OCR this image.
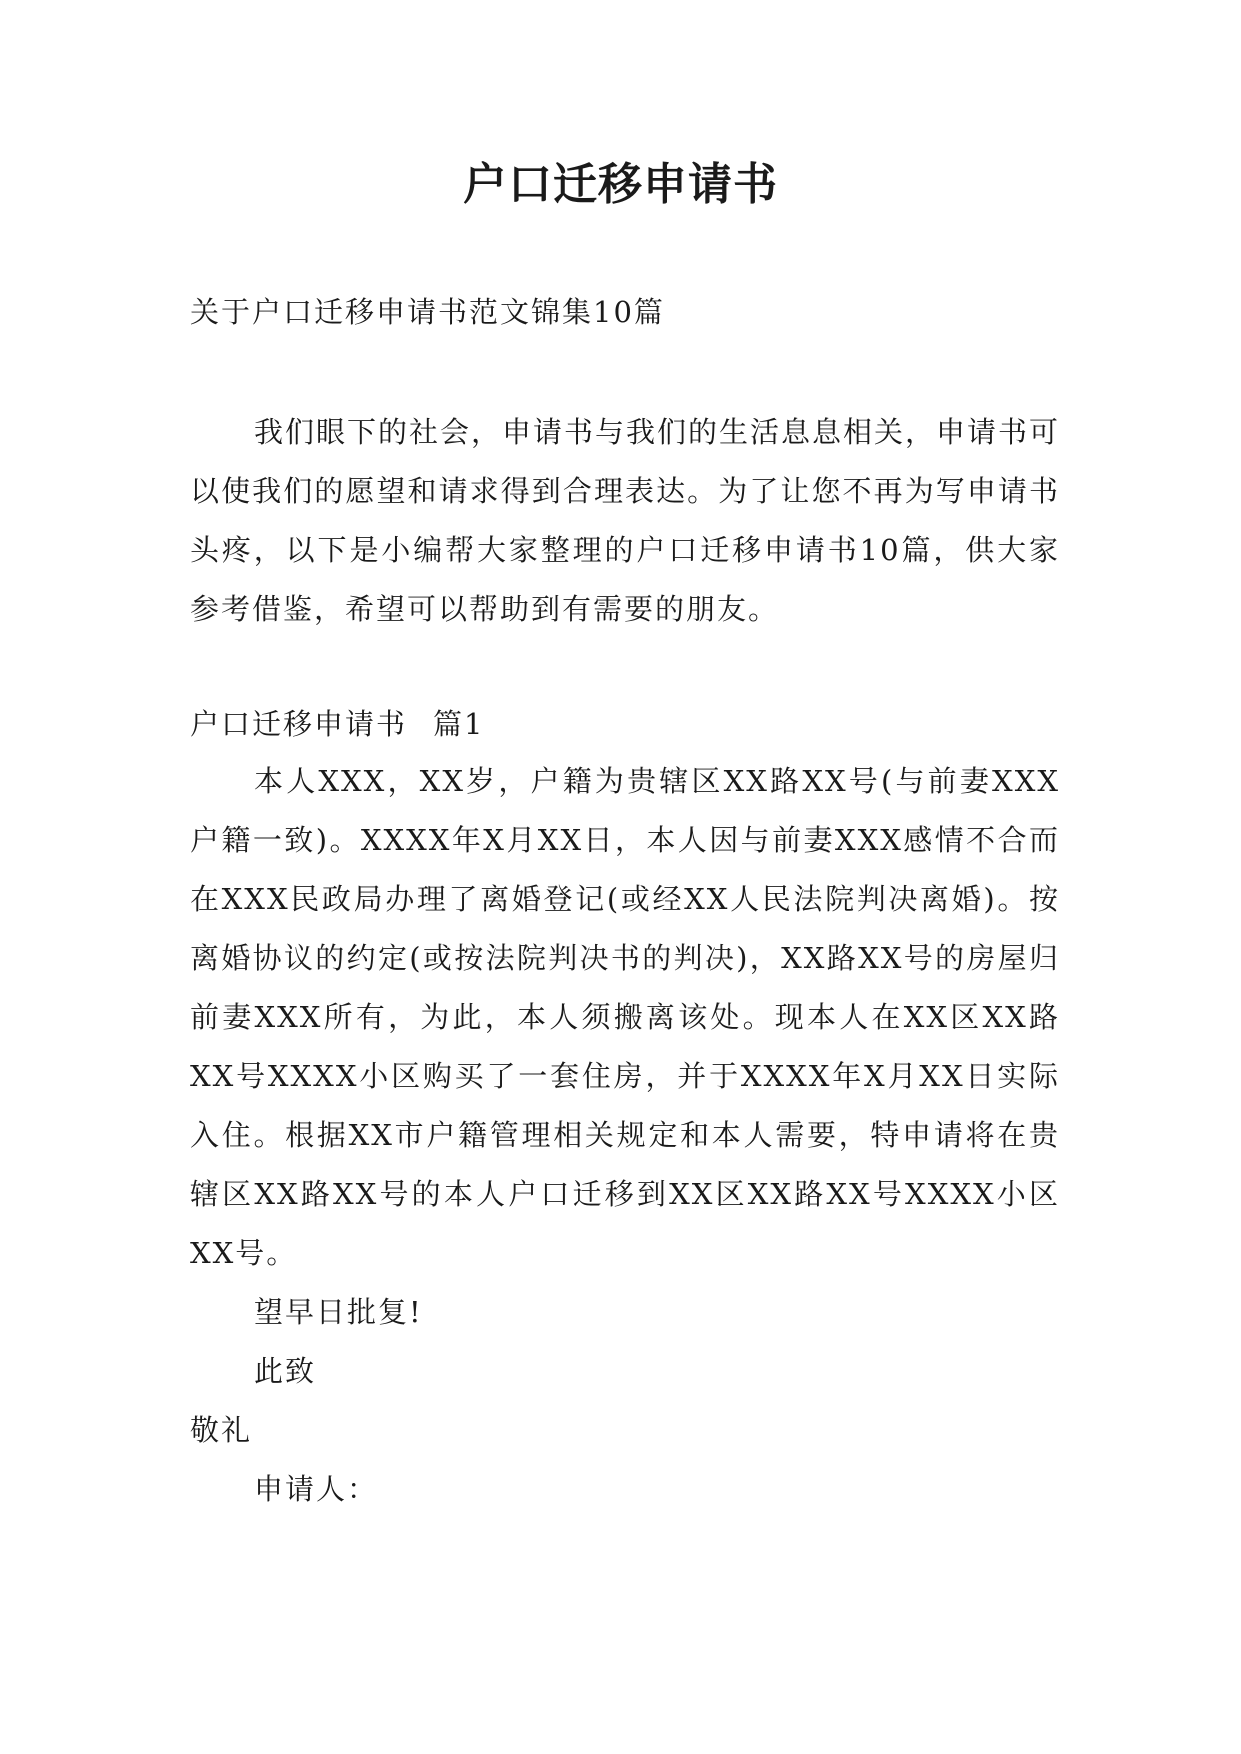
户口迁移申请书
关于户口迁移申请书范文锦集10篇

我们眼下的社会，申请书与我们的生活息息相关，申请书可以使我们的愿望和请求得到合理表达。为了让您不再为写申请书头疼，以下是小编帮大家整理的户口迁移申请书10篇，供大家参考借鉴，希望可以帮助到有需要的朋友。

户口迁移申请书 篇1

本人XXX，XX岁，户籍为贵辖区XX路XX号(与前妻XXX户籍一致)。XXXX年X月XX日，本人因与前妻XXX感情不合而在XXX民政局办理了离婚登记(或经XX人民法院判决离婚)。按离婚协议的约定(或按法院判决书的判决)，XX路XX号的房屋归前妻XXX所有，为此，本人须搬离该处。现本人在XX区XX路XX号XXXX小区购买了一套住房，并于XXXX年X月XX日实际入住。根据XX市户籍管理相关规定和本人需要，特申请将在贵辖区XX路XX号的本人户口迁移到XX区XX路XX号XXXX小区XX号。

望早日批复!

此致

敬礼

申请人：
